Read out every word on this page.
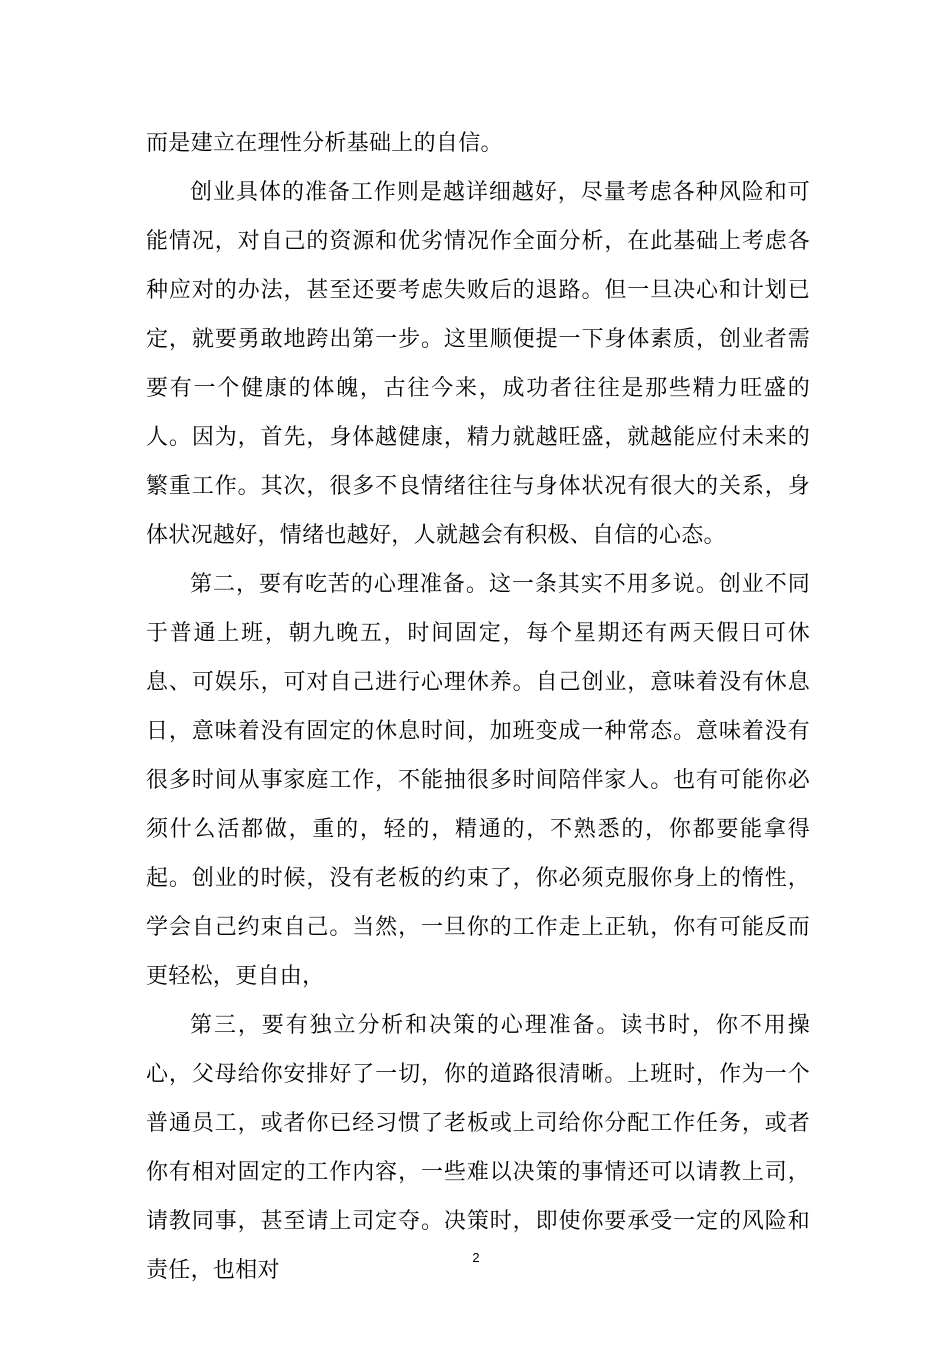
而是建立在理性分析基础上的自信。

创业具体的准备工作则是越详细越好，尽量考虑各种风险和可能情况，对自己的资源和优劣情况作全面分析，在此基础上考虑各种应对的办法，甚至还要考虑失败后的退路。但一旦决心和计划已定，就要勇敢地跨出第一步。这里顺便提一下身体素质，创业者需要有一个健康的体魄，古往今来，成功者往往是那些精力旺盛的人。因为，首先，身体越健康，精力就越旺盛，就越能应付未来的繁重工作。其次，很多不良情绪往往与身体状况有很大的关系，身体状况越好，情绪也越好，人就越会有积极、自信的心态。

第二，要有吃苦的心理准备。这一条其实不用多说。创业不同于普通上班，朝九晚五，时间固定，每个星期还有两天假日可休息、可娱乐，可对自己进行心理休养。自己创业，意味着没有休息日，意味着没有固定的休息时间，加班变成一种常态。意味着没有很多时间从事家庭工作，不能抽很多时间陪伴家人。也有可能你必须什么活都做，重的，轻的，精通的，不熟悉的，你都要能拿得起。创业的时候，没有老板的约束了，你必须克服你身上的惰性，学会自己约束自己。当然，一旦你的工作走上正轨，你有可能反而更轻松，更自由，

第三，要有独立分析和决策的心理准备。读书时，你不用操心，父母给你安排好了一切，你的道路很清晰。上班时，作为一个普通员工，或者你已经习惯了老板或上司给你分配工作任务，或者你有相对固定的工作内容，一些难以决策的事情还可以请教上司，请教同事，甚至请上司定夺。决策时，即使你要承受一定的风险和责任，也相对

2
